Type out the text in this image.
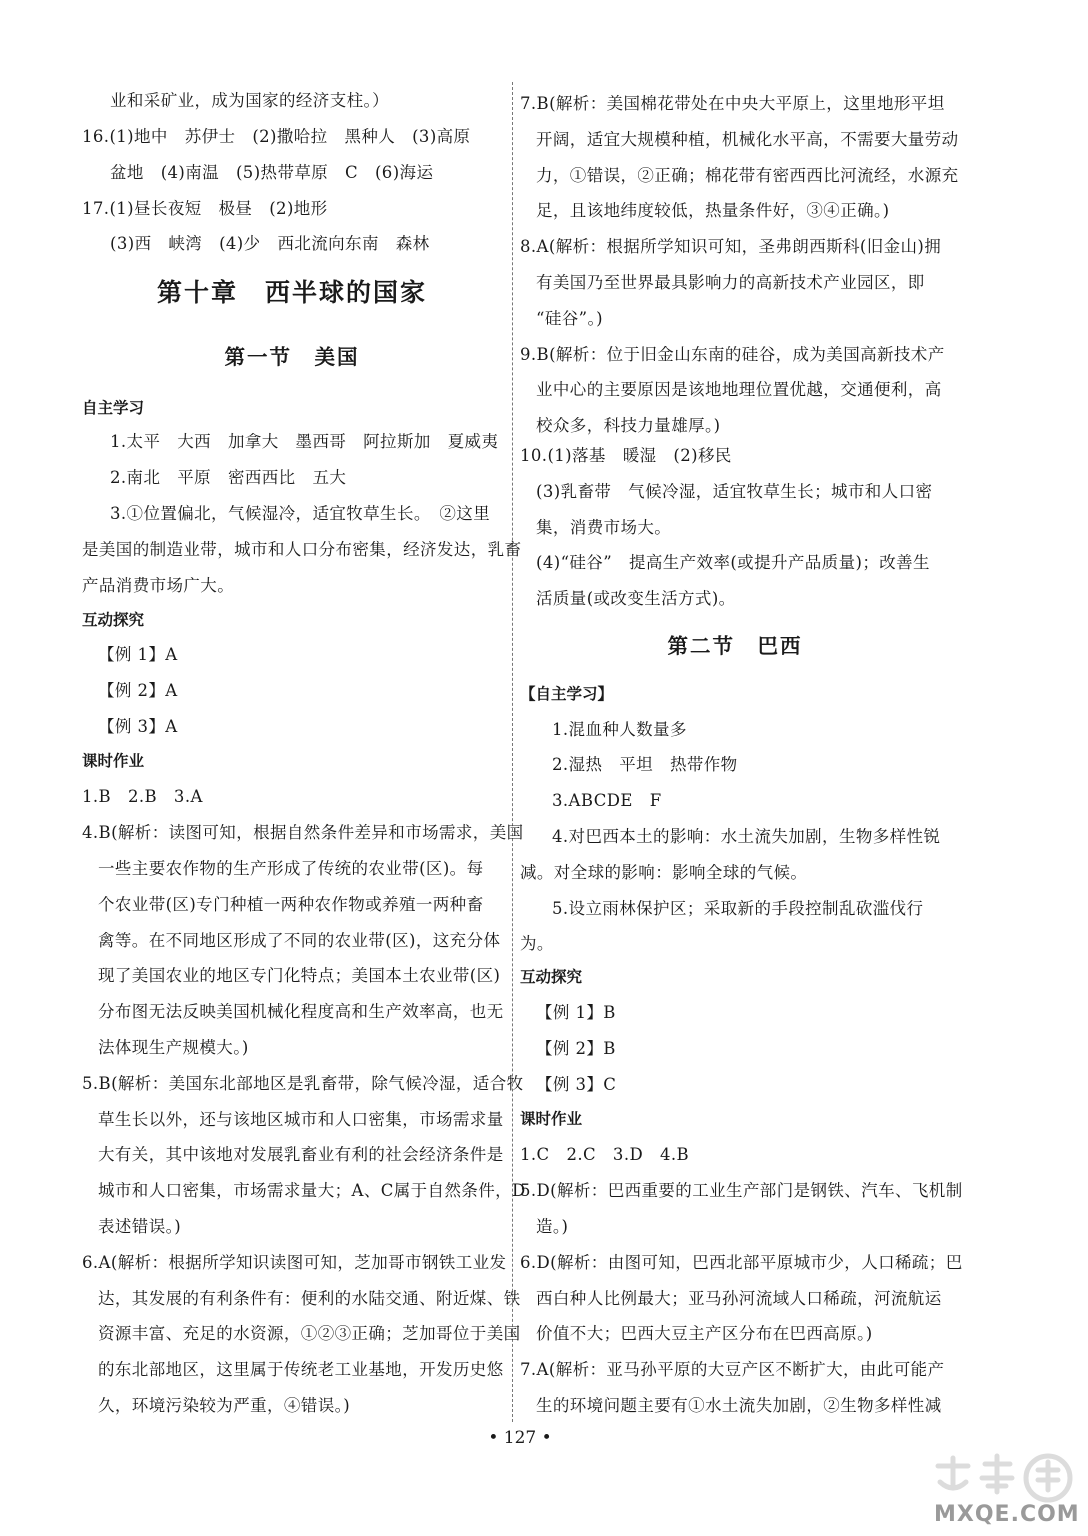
业和采矿业，成为国家的经济支柱。）
16.(1)地中　苏伊士　(2)撒哈拉　黑种人　(3)高原
盆地　(4)南温　(5)热带草原　C　(6)海运
17.(1)昼长夜短　极昼　(2)地形
(3)西　峡湾　(4)少　西北流向东南　森林
第十章　西半球的国家
第一节　美国
自主学习
1.太平　大西　加拿大　墨西哥　阿拉斯加　夏威夷
2.南北　平原　密西西比　五大
3.①位置偏北，气候湿冷，适宜牧草生长。　②这里
是美国的制造业带，城市和人口分布密集，经济发达，乳畜
产品消费市场广大。
互动探究
【例 1】A
【例 2】A
【例 3】A
课时作业
1.B　2.B　3.A
4.B(解析：读图可知，根据自然条件差异和市场需求，美国
一些主要农作物的生产形成了传统的农业带(区)。每
个农业带(区)专门种植一两种农作物或养殖一两种畜
禽等。在不同地区形成了不同的农业带(区)，这充分体
现了美国农业的地区专门化特点；美国本土农业带(区)
分布图无法反映美国机械化程度高和生产效率高，也无
法体现生产规模大。)
5.B(解析：美国东北部地区是乳畜带，除气候冷湿，适合牧
草生长以外，还与该地区城市和人口密集，市场需求量
大有关，其中该地对发展乳畜业有利的社会经济条件是
城市和人口密集，市场需求量大；A、C属于自然条件，D
表述错误。)
6.A(解析：根据所学知识读图可知，芝加哥市钢铁工业发
达，其发展的有利条件有：便利的水陆交通、附近煤、铁
资源丰富、充足的水资源，①②③正确；芝加哥位于美国
的东北部地区，这里属于传统老工业基地，开发历史悠
久，环境污染较为严重，④错误。)
7.B(解析：美国棉花带处在中央大平原上，这里地形平坦
开阔，适宜大规模种植，机械化水平高，不需要大量劳动
力，①错误，②正确；棉花带有密西西比河流经，水源充
足，且该地纬度较低，热量条件好，③④正确。)
8.A(解析：根据所学知识可知，圣弗朗西斯科(旧金山)拥
有美国乃至世界最具影响力的高新技术产业园区，即
“硅谷”。)
9.B(解析：位于旧金山东南的硅谷，成为美国高新技术产
业中心的主要原因是该地地理位置优越，交通便利，高
校众多，科技力量雄厚。)
10.(1)落基　暖湿　(2)移民
(3)乳畜带　气候冷湿，适宜牧草生长；城市和人口密
集，消费市场大。
(4)“硅谷”　提高生产效率(或提升产品质量)；改善生
活质量(或改变生活方式)。
第二节　巴西
【自主学习】
1.混血种人数量多
2.湿热　平坦　热带作物
3.ABCDE　F
4.对巴西本土的影响：水土流失加剧，生物多样性锐
减。对全球的影响：影响全球的气候。
5.设立雨林保护区；采取新的手段控制乱砍滥伐行
为。
互动探究
【例 1】B
【例 2】B
【例 3】C
课时作业
1.C　2.C　3.D　4.B
5.D(解析：巴西重要的工业生产部门是钢铁、汽车、飞机制
造。)
6.D(解析：由图可知，巴西北部平原城市少，人口稀疏；巴
西白种人比例最大；亚马孙河流域人口稀疏，河流航运
价值不大；巴西大豆主产区分布在巴西高原。)
7.A(解析：亚马孙平原的大豆产区不断扩大，由此可能产
生的环境问题主要有①水土流失加剧，②生物多样性减
• 127 •
MXQE.COM
